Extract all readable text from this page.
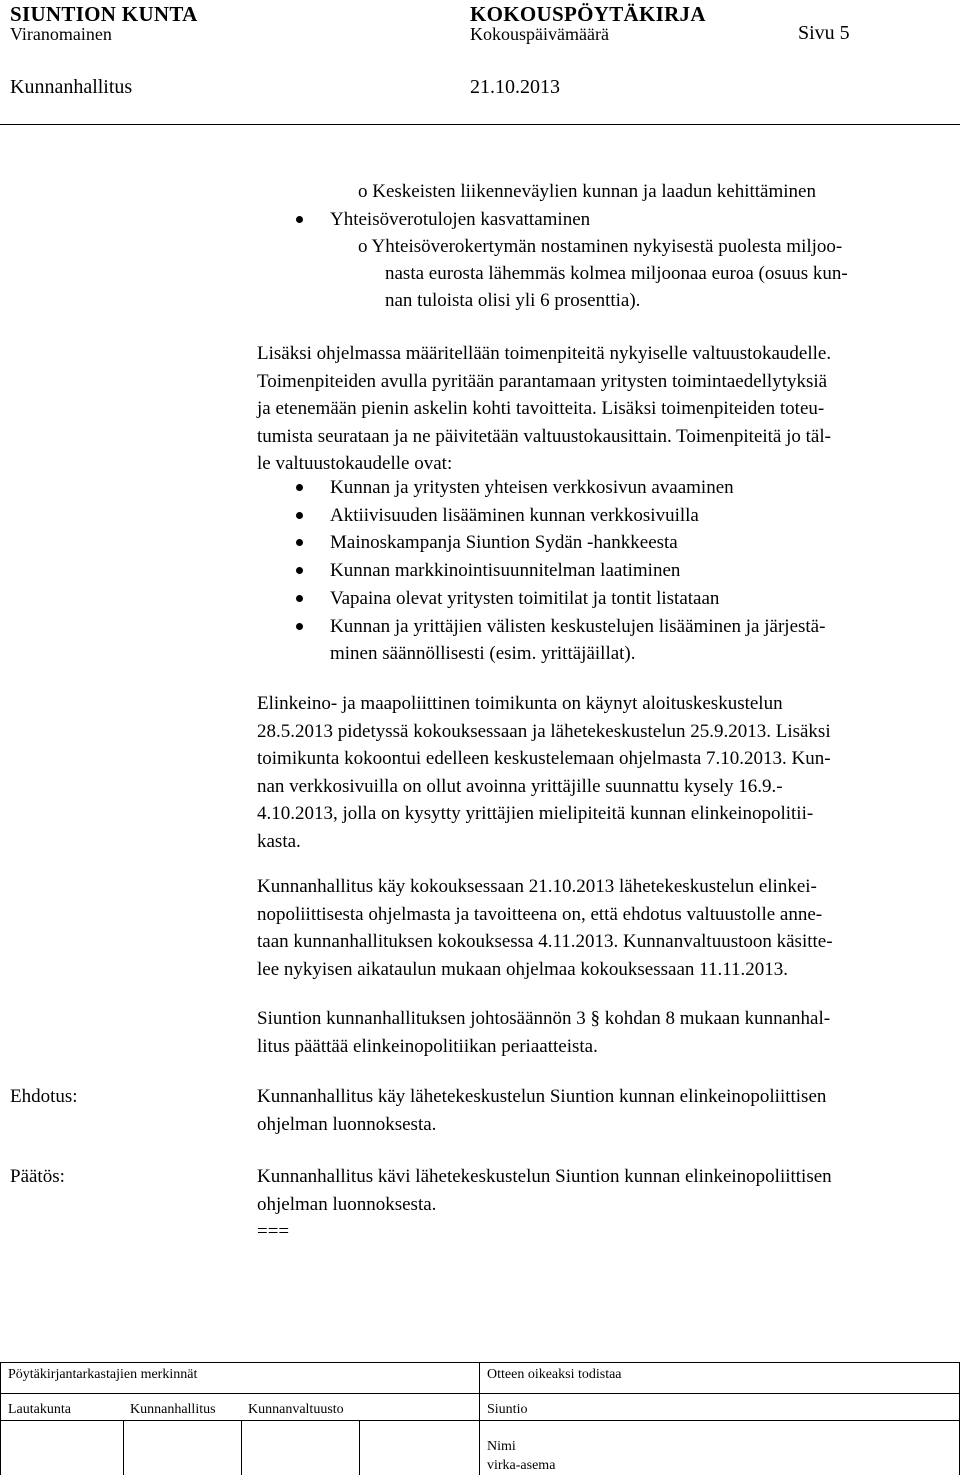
SIUNTION KUNTA	KOKOUSPÖYTÄKIRJA
Viranomainen	Kokouspäivämäärä	Sivu 5
Kunnanhallitus	21.10.2013
o Keskeisten liikenneväylien kunnan ja laadun kehittäminen
Yhteisöverotulojen kasvattaminen
o Yhteisöverokertymän nostaminen nykyisestä puolesta miljoo-
nasta eurosta lähemmäs kolmea miljoonaa euroa (osuus kun-
nan tuloista olisi yli 6 prosenttia).
Lisäksi ohjelmassa määritellään toimenpiteitä nykyiselle valtuustokaudelle.
Toimenpiteiden avulla pyritään parantamaan yritysten toimintaedellytyksiä
ja etenemään pienin askelin kohti tavoitteita. Lisäksi toimenpiteiden toteu-
tumista seurataan ja ne päivitetään valtuustokausittain. Toimenpiteitä jo täl-
le valtuustokaudelle ovat:
Kunnan ja yritysten yhteisen verkkosivun avaaminen
Aktiivisuuden lisääminen kunnan verkkosivuilla
Mainoskampanja Siuntion Sydän -hankkeesta
Kunnan markkinointisuunnitelman laatiminen
Vapaina olevat yritysten toimitilat ja tontit listataan
Kunnan ja yrittäjien välisten keskustelujen lisääminen ja järjestä-
minen säännöllisesti (esim. yrittäjäillat).
Elinkeino- ja maapoliittinen toimikunta on käynyt aloituskeskustelun
28.5.2013 pidetyssä kokouksessaan ja lähetekeskustelun 25.9.2013. Lisäksi
toimikunta kokoontui edelleen keskustelemaan ohjelmasta 7.10.2013. Kun-
nan verkkosivuilla on ollut avoinna yrittäjille suunnattu kysely 16.9.-
4.10.2013, jolla on kysytty yrittäjien mielipiteitä kunnan elinkeinopolitii-
kasta.
Kunnanhallitus käy kokouksessaan 21.10.2013 lähetekeskustelun elinkei-
nopoliittisesta ohjelmasta ja tavoitteena on, että ehdotus valtuustolle anne-
taan kunnanhallituksen kokouksessa 4.11.2013. Kunnanvaltuustoon käsitte-
lee nykyisen aikataulun mukaan ohjelmaa kokouksessaan 11.11.2013.
Siuntion kunnanhallituksen johtosäännön 3 § kohdan 8 mukaan kunnanhal-
litus päättää elinkeinopolitiikan periaatteista.
Ehdotus:	Kunnanhallitus käy lähetekeskustelun Siuntion kunnan elinkeinopoliittisen
ohjelman luonnoksesta.
Päätös:	Kunnanhallitus kävi lähetekeskustelun Siuntion kunnan elinkeinopoliittisen
ohjelman luonnoksesta.
===
Pöytäkirjantarkastajien merkinnät	Otteen oikeaksi todistaa
Lautakunta	Kunnanhallitus Kunnanvaltuusto	Siuntio
Nimi
virka-asema
